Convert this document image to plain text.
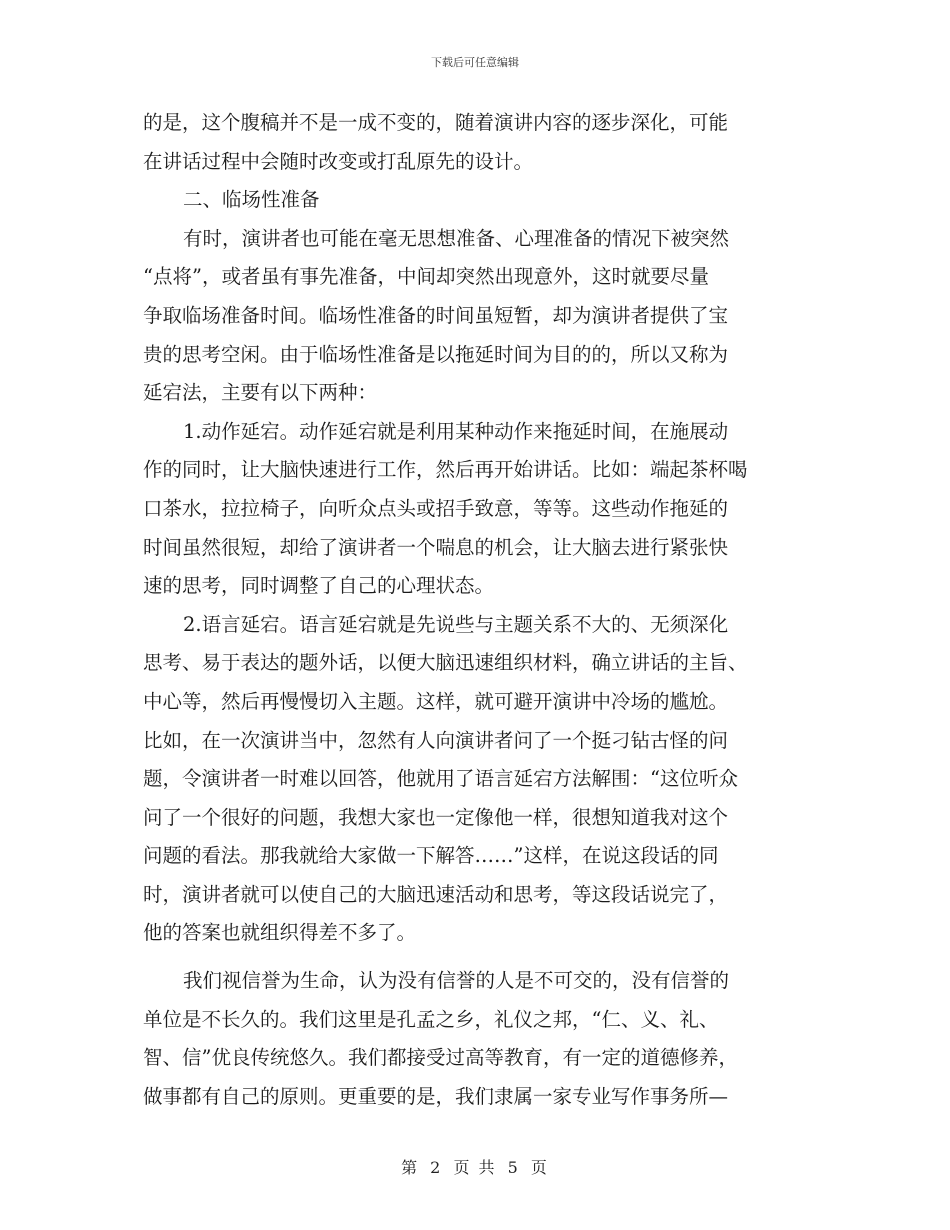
下载后可任意编辑
的是，这个腹稿并不是一成不变的，随着演讲内容的逐步深化，可能
在讲话过程中会随时改变或打乱原先的设计。
二、临场性准备
有时，演讲者也可能在毫无思想准备、心理准备的情况下被突然
“点将”，或者虽有事先准备，中间却突然出现意外，这时就要尽量
争取临场准备时间。临场性准备的时间虽短暂，却为演讲者提供了宝
贵的思考空闲。由于临场性准备是以拖延时间为目的的，所以又称为
延宕法，主要有以下两种：
1.动作延宕。动作延宕就是利用某种动作来拖延时间，在施展动
作的同时，让大脑快速进行工作，然后再开始讲话。比如：端起茶杯喝
口茶水，拉拉椅子，向听众点头或招手致意，等等。这些动作拖延的
时间虽然很短，却给了演讲者一个喘息的机会，让大脑去进行紧张快
速的思考，同时调整了自己的心理状态。
2.语言延宕。语言延宕就是先说些与主题关系不大的、无须深化
思考、易于表达的题外话，以便大脑迅速组织材料，确立讲话的主旨、
中心等，然后再慢慢切入主题。这样，就可避开演讲中冷场的尴尬。
比如，在一次演讲当中，忽然有人向演讲者问了一个挺刁钻古怪的问
题，令演讲者一时难以回答，他就用了语言延宕方法解围：“这位听众
问了一个很好的问题，我想大家也一定像他一样，很想知道我对这个
问题的看法。那我就给大家做一下解答……”这样，在说这段话的同
时，演讲者就可以使自己的大脑迅速活动和思考，等这段话说完了，
他的答案也就组织得差不多了。
我们视信誉为生命，认为没有信誉的人是不可交的，没有信誉的
单位是不长久的。我们这里是孔孟之乡，礼仪之邦，“仁、义、礼、
智、信”优良传统悠久。我们都接受过高等教育，有一定的道德修养，
做事都有自己的原则。更重要的是，我们隶属一家专业写作事务所—
第 2 页 共 5 页
